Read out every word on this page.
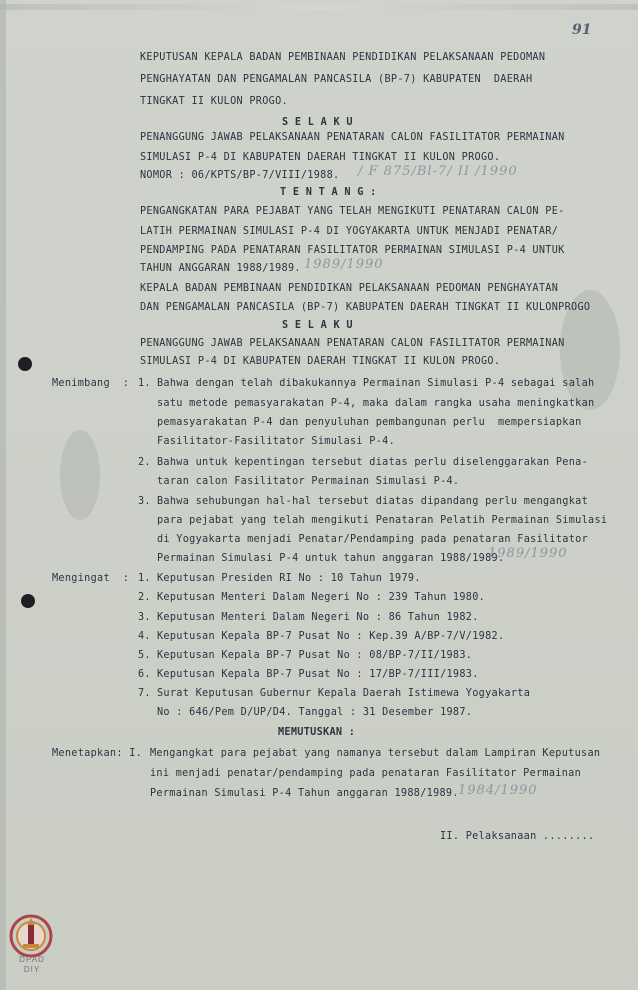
91
KEPUTUSAN KEPALA BADAN PEMBINAAN PENDIDIKAN PELAKSANAAN PEDOMAN
PENGHAYATAN DAN PENGAMALAN PANCASILA (BP-7) KABUPATEN  DAERAH
TINGKAT II KULON PROGO.
S E L A K U
PENANGGUNG JAWAB PELAKSANAAN PENATARAN CALON FASILITATOR PERMAINAN
SIMULASI P-4 DI KABUPATEN DAERAH TINGKAT II KULON PROGO.
NOMOR : 06/KPTS/BP-7/VIII/1988. / F 875/Bl-7/ II /1990
T E N T A N G :
PENGANGKATAN PARA PEJABAT YANG TELAH MENGIKUTI PENATARAN CALON PE-
LATIH PERMAINAN SIMULASI P-4 DI YOGYAKARTA UNTUK MENJADI PENATAR/
PENDAMPING PADA PENATARAN FASILITATOR PERMAINAN SIMULASI P-4 UNTUK
TAHUN ANGGARAN 1988/1989. 1989/1990
KEPALA BADAN PEMBINAAN PENDIDIKAN PELAKSANAAN PEDOMAN PENGHAYATAN
DAN PENGAMALAN PANCASILA (BP-7) KABUPATEN DAERAH TINGKAT II KULONPROGO
S E L A K U
PENANGGUNG JAWAB PELAKSANAAN PENATARAN CALON FASILITATOR PERMAINAN
SIMULASI P-4 DI KABUPATEN DAERAH TINGKAT II KULON PROGO.
Menimbang  : 1. Bahwa dengan telah dibakukannya Permainan Simulasi P-4 sebagai salah
satu metode pemasyarakatan P-4, maka dalam rangka usaha meningkatkan
pemasyarakatan P-4 dan penyuluhan pembangunan perlu  mempersiapkan
Fasilitator-Fasilitator Simulasi P-4.
2. Bahwa untuk kepentingan tersebut diatas perlu diselenggarakan Pena-
taran calon Fasilitator Permainan Simulasi P-4.
3. Bahwa sehubungan hal-hal tersebut diatas dipandang perlu mengangkat
para pejabat yang telah mengikuti Penataran Pelatih Permainan Simulasi
di Yogyakarta menjadi Penatar/Pendamping pada penataran Fasilitator
Permainan Simulasi P-4 untuk tahun anggaran 1988/1989.
1989/1990
Mengingat  : 1. Keputusan Presiden RI No : 10 Tahun 1979.
2. Keputusan Menteri Dalam Negeri No : 239 Tahun 1980.
3. Keputusan Menteri Dalam Negeri No : 86 Tahun 1982.
4. Keputusan Kepala BP-7 Pusat No : Kep.39 A/BP-7/V/1982.
5. Keputusan Kepala BP-7 Pusat No : 08/BP-7/II/1983.
6. Keputusan Kepala BP-7 Pusat No : 17/BP-7/III/1983.
7. Surat Keputusan Gubernur Kepala Daerah Istimewa Yogyakarta
No : 646/Pem D/UP/D4. Tanggal : 31 Desember 1987.
MEMUTUSKAN :
Menetapkan: I. Mengangkat para pejabat yang namanya tersebut dalam Lampiran Keputusan
ini menjadi penatar/pendamping pada penataran Fasilitator Permainan
Permainan Simulasi P-4 Tahun anggaran 1988/1989. 1984/1990
II. Pelaksanaan ........
DPAD
DIY
